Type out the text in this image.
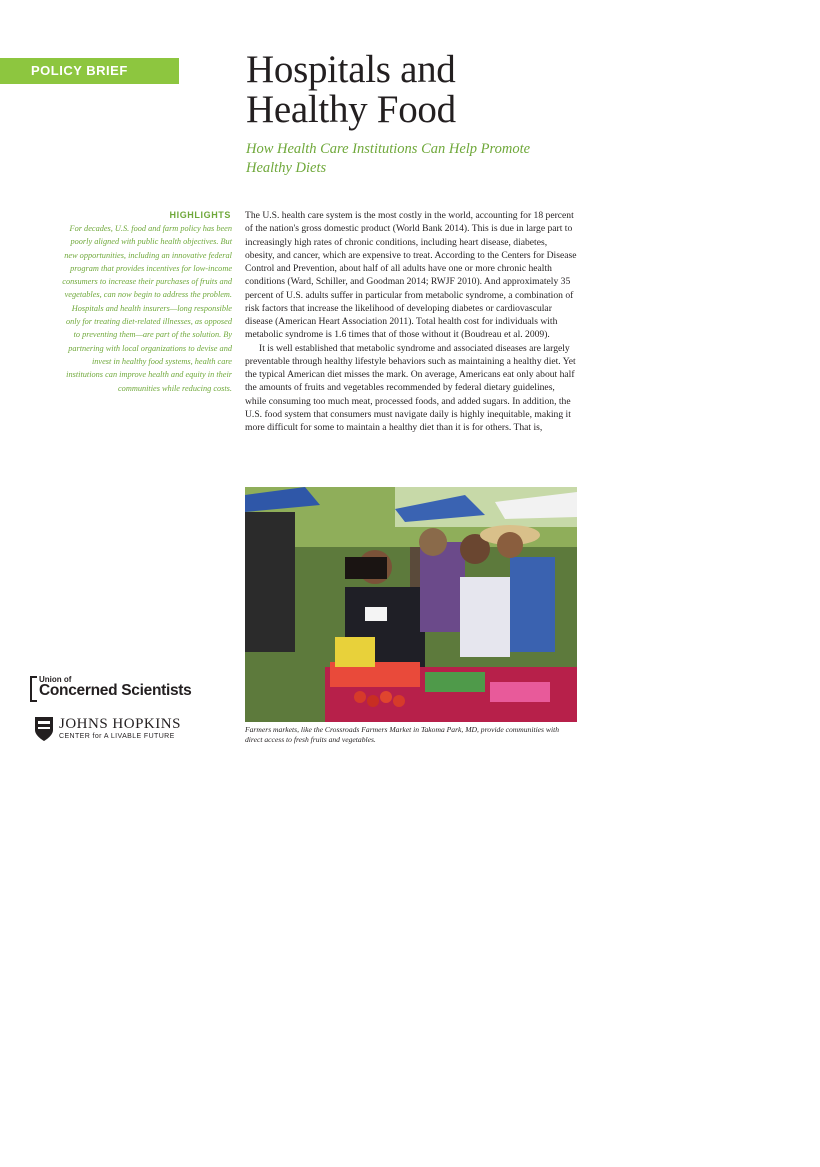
POLICY BRIEF	Hospitals and Healthy Food
How Health Care Institutions Can Help Promote Healthy Diets
HIGHLIGHTS
For decades, U.S. food and farm policy has been poorly aligned with public health objectives. But new opportunities, including an innovative federal program that provides incentives for low-income consumers to increase their purchases of fruits and vegetables, can now begin to address the problem. Hospitals and health insurers—long responsible only for treating diet-related illnesses, as opposed to preventing them—are part of the solution. By partnering with local organizations to devise and invest in healthy food systems, health care institutions can improve health and equity in their communities while reducing costs.

The U.S. health care system is the most costly in the world, accounting for 18 percent of the nation's gross domestic product (World Bank 2014). This is due in large part to increasingly high rates of chronic conditions, including heart disease, diabetes, obesity, and cancer, which are expensive to treat. According to the Centers for Disease Control and Prevention, about half of all adults have one or more chronic health conditions (Ward, Schiller, and Goodman 2014; RWJF 2010). And approximately 35 percent of U.S. adults suffer in particular from metabolic syndrome, a combination of risk factors that increase the likelihood of developing diabetes or cardiovascular disease (American Heart Association 2011). Total health cost for individuals with metabolic syndrome is 1.6 times that of those without it (Boudreau et al. 2009).

It is well established that metabolic syndrome and associated diseases are largely preventable through healthy lifestyle behaviors such as maintaining a healthy diet. Yet the typical American diet misses the mark. On average, Americans eat only about half the amounts of fruits and vegetables recommended by federal dietary guidelines, while consuming too much meat, processed foods, and added sugars. In addition, the U.S. food system that consumers must navigate daily is highly inequitable, making it more difficult for some to maintain a healthy diet than it is for others. That is,

© UCS/Ashley Alman
Farmers markets, like the Crossroads Farmers Market in Takoma Park, MD, provide communities with direct access to fresh fruits and vegetables.
Union of
Concerned Scientists
JOHNS HOPKINS
CENTER for A LIVABLE FUTURE
